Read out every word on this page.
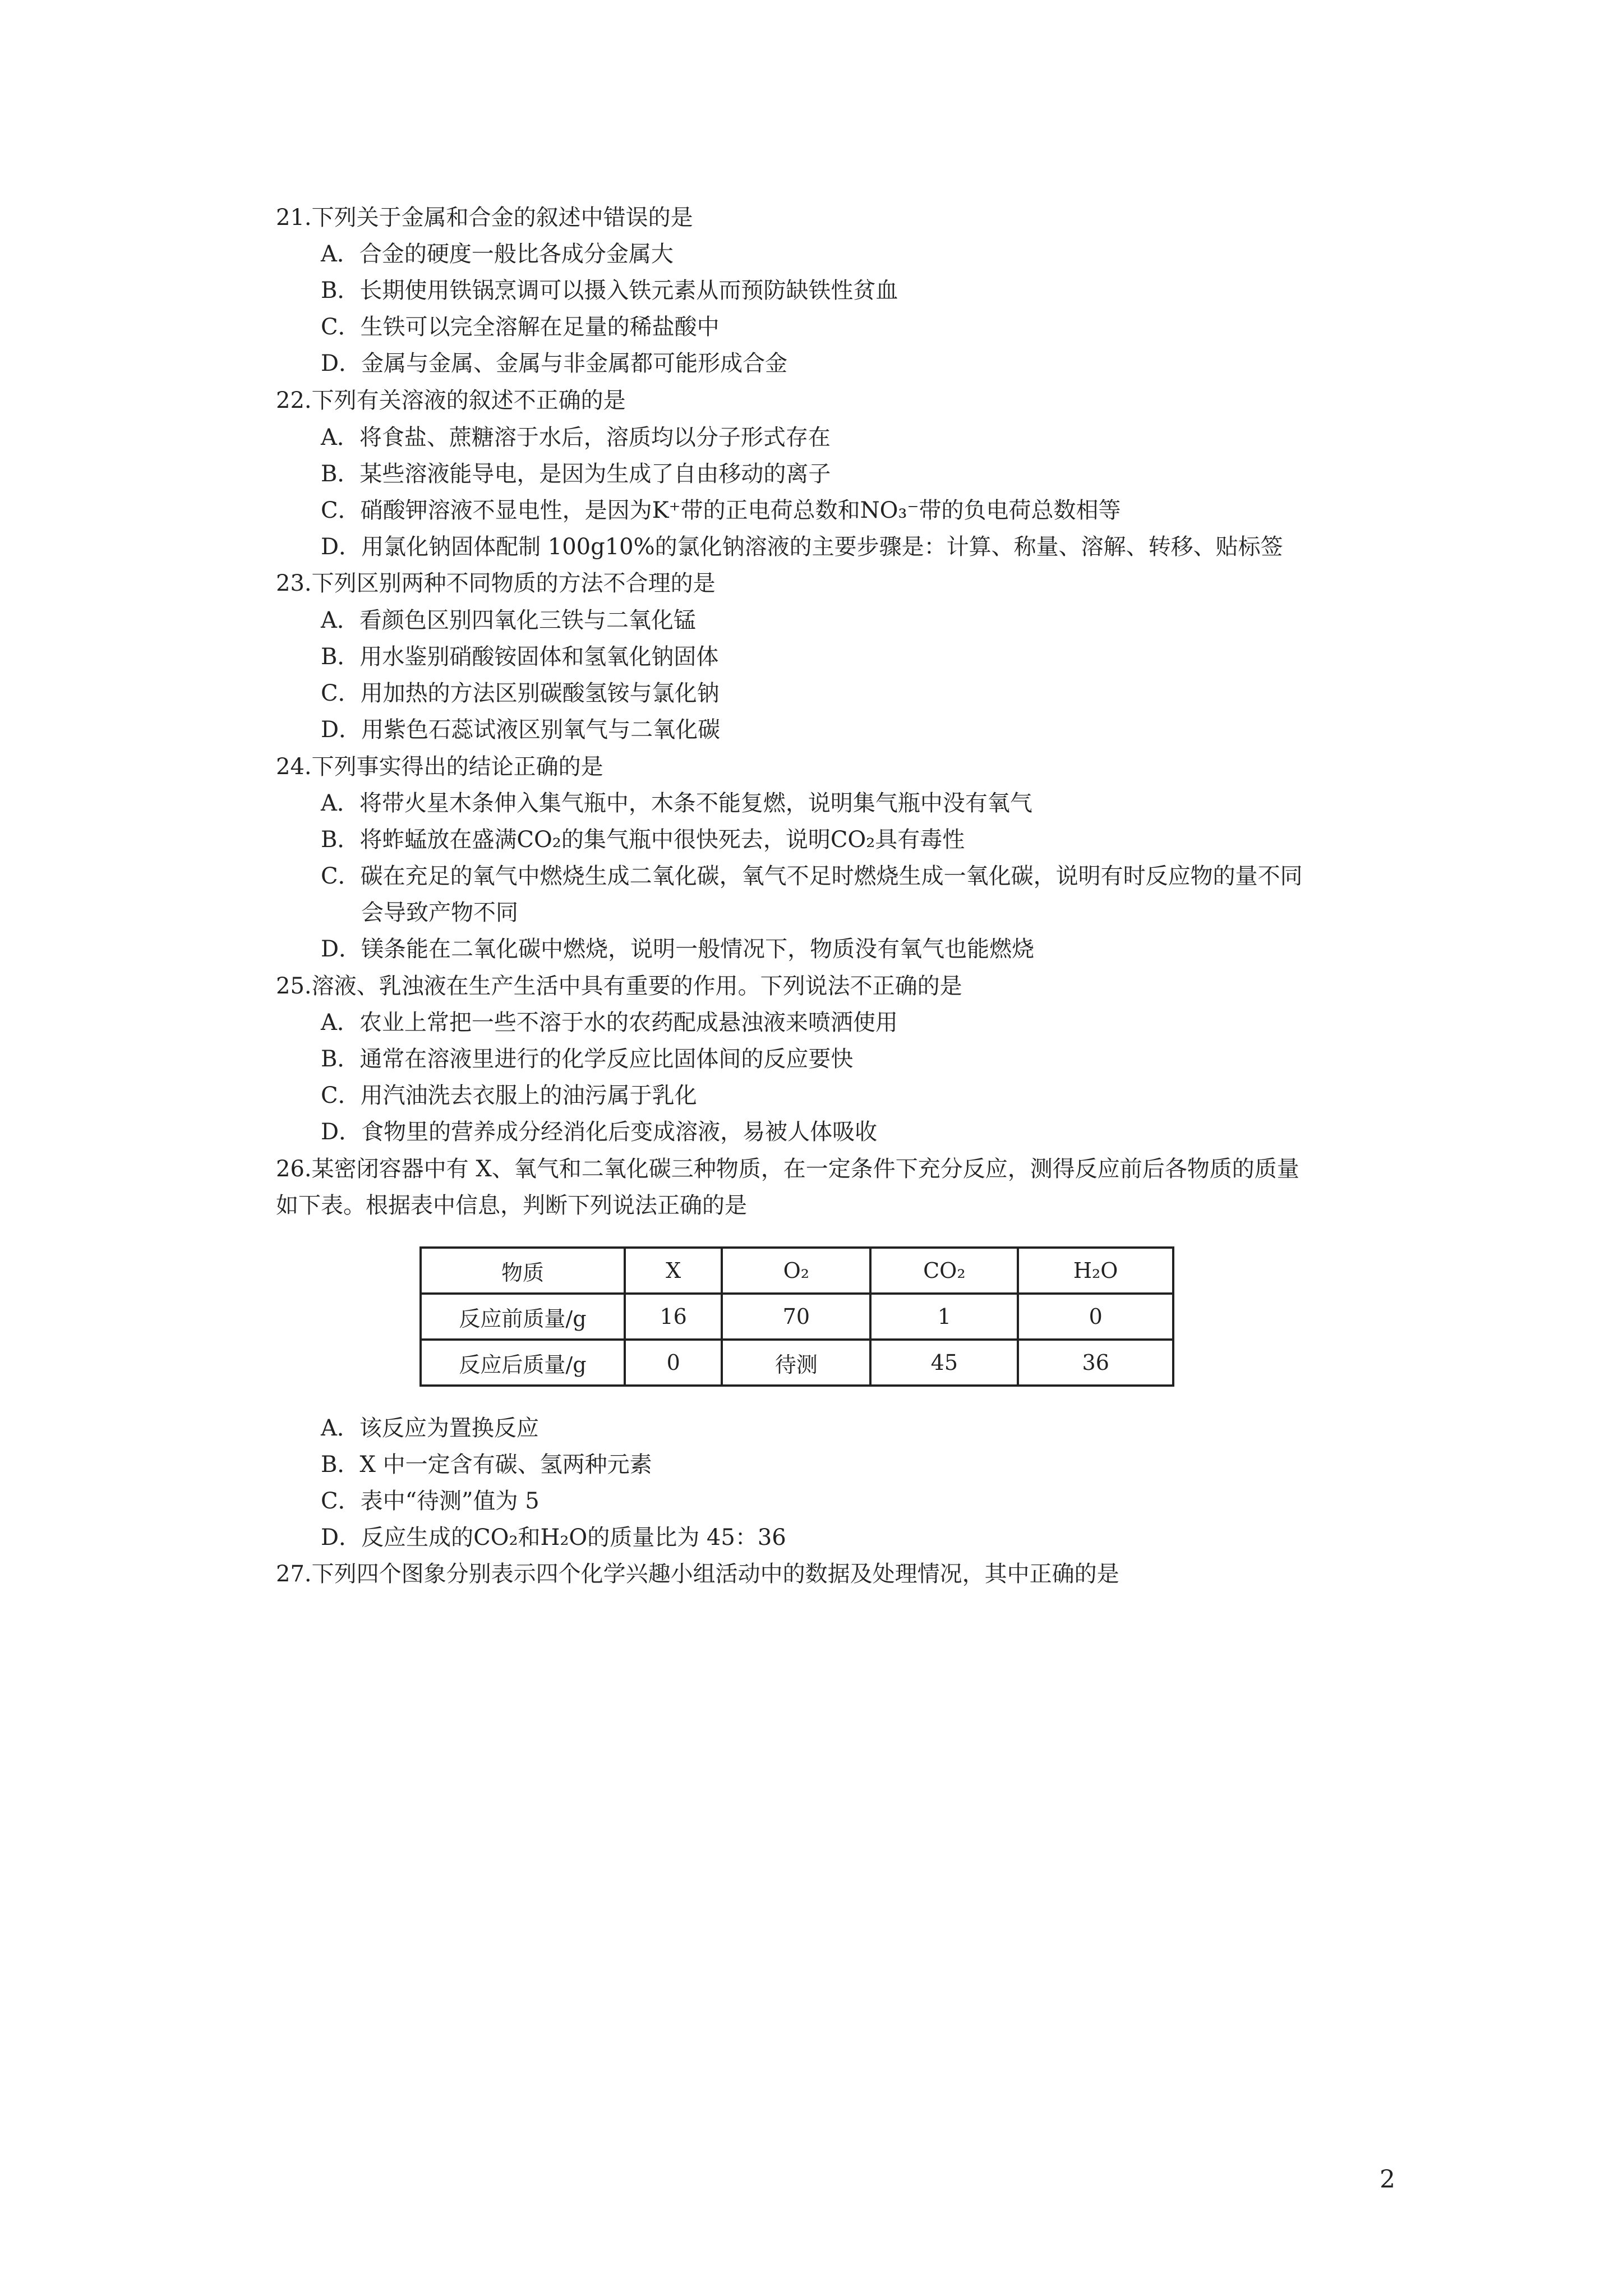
21.下列关于金属和合金的叙述中错误的是
A．合金的硬度一般比各成分金属大
B．长期使用铁锅烹调可以摄入铁元素从而预防缺铁性贫血
C．生铁可以完全溶解在足量的稀盐酸中
D．金属与金属、金属与非金属都可能形成合金
22.下列有关溶液的叙述不正确的是
A．将食盐、蔗糖溶于水后，溶质均以分子形式存在
B．某些溶液能导电，是因为生成了自由移动的离子
C．硝酸钾溶液不显电性，是因为K⁺带的正电荷总数和NO₃⁻带的负电荷总数相等
D．用氯化钠固体配制 100g10%的氯化钠溶液的主要步骤是：计算、称量、溶解、转移、贴标签
23.下列区别两种不同物质的方法不合理的是
A．看颜色区别四氧化三铁与二氧化锰
B．用水鉴别硝酸铵固体和氢氧化钠固体
C．用加热的方法区别碳酸氢铵与氯化钠
D．用紫色石蕊试液区别氧气与二氧化碳
24.下列事实得出的结论正确的是
A．将带火星木条伸入集气瓶中，木条不能复燃，说明集气瓶中没有氧气
B．将蚱蜢放在盛满CO₂的集气瓶中很快死去，说明CO₂具有毒性
C．碳在充足的氧气中燃烧生成二氧化碳，氧气不足时燃烧生成一氧化碳，说明有时反应物的量不同
会导致产物不同
D．镁条能在二氧化碳中燃烧，说明一般情况下，物质没有氧气也能燃烧
25.溶液、乳浊液在生产生活中具有重要的作用。下列说法不正确的是
A．农业上常把一些不溶于水的农药配成悬浊液来喷洒使用
B．通常在溶液里进行的化学反应比固体间的反应要快
C．用汽油洗去衣服上的油污属于乳化
D．食物里的营养成分经消化后变成溶液，易被人体吸收
26.某密闭容器中有 X、氧气和二氧化碳三种物质，在一定条件下充分反应，测得反应前后各物质的质量
如下表。根据表中信息，判断下列说法正确的是
物质	X	O₂	CO₂	H₂O
反应前质量/g	16	70	1	0
反应后质量/g	0	待测	45	36
A．该反应为置换反应
B．X 中一定含有碳、氢两种元素
C．表中“待测”值为 5
D．反应生成的CO₂和H₂O的质量比为 45：36
27.下列四个图象分别表示四个化学兴趣小组活动中的数据及处理情况，其中正确的是
2
